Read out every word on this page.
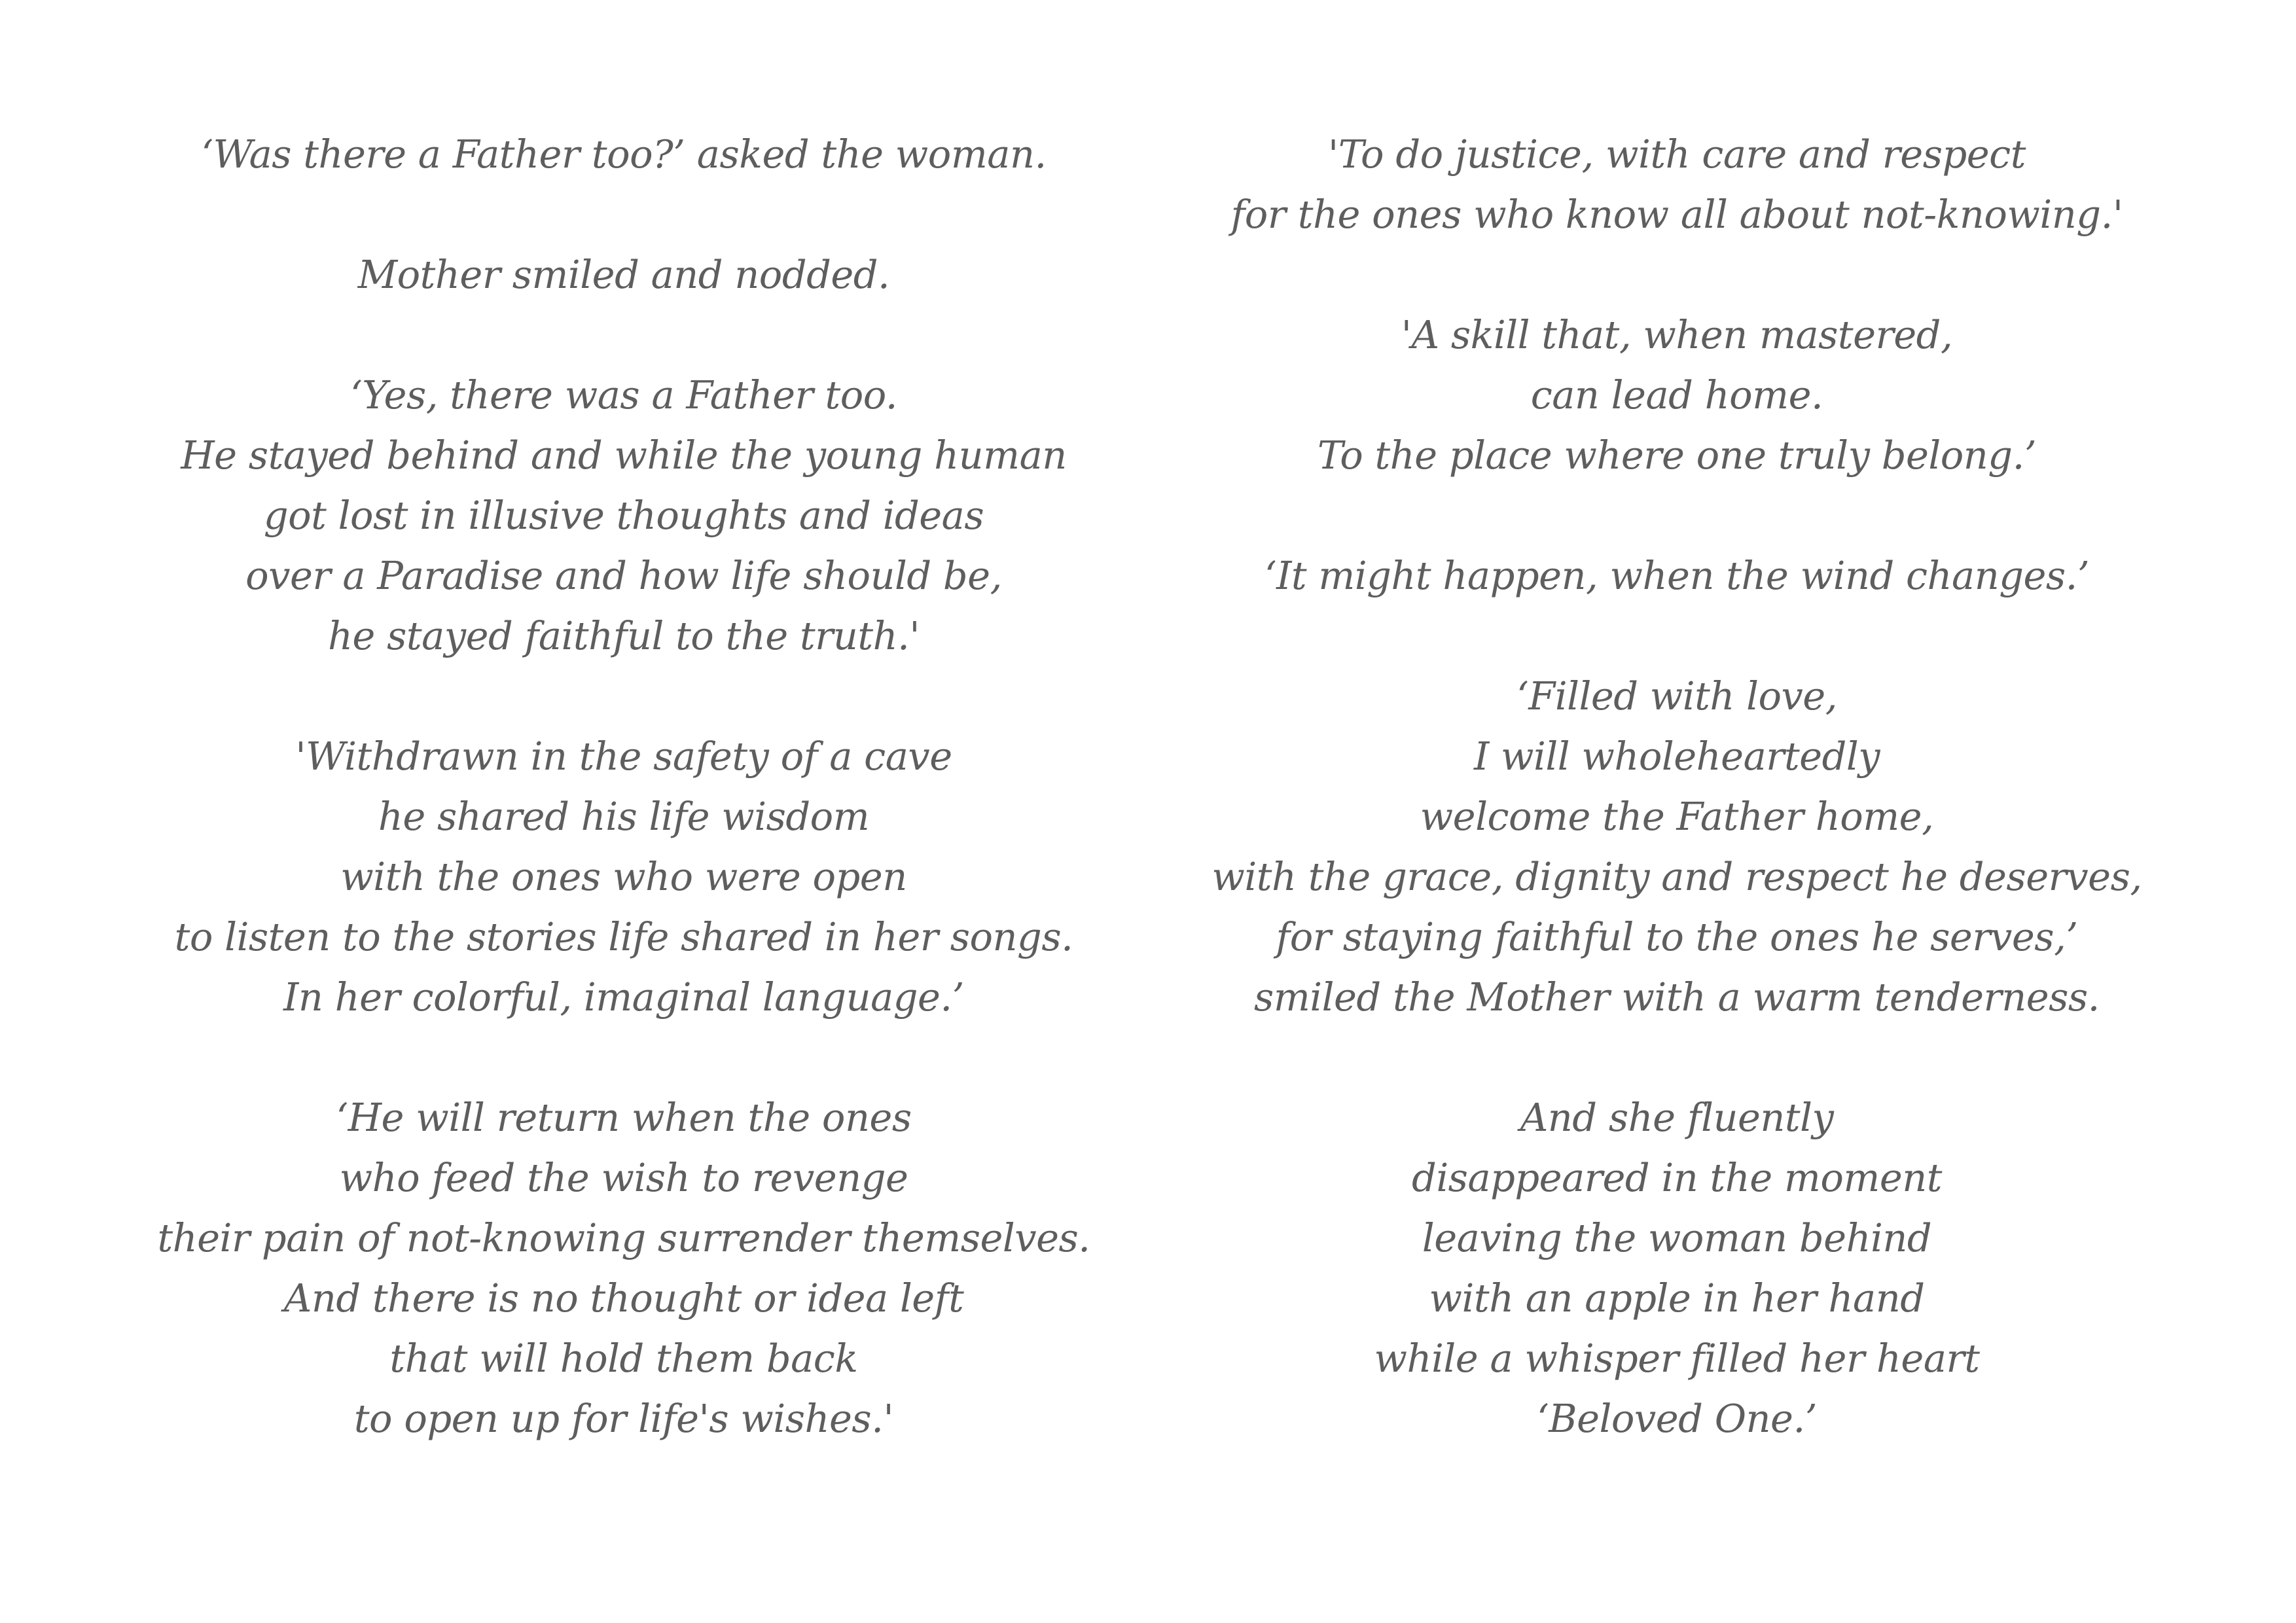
‘Was there a Father too?’ asked the woman.
Mother smiled and nodded.
‘Yes, there was a Father too.
He stayed behind and while the young human
got lost in illusive thoughts and ideas
over a Paradise and how life should be,
he stayed faithful to the truth.'
'Withdrawn in the safety of a cave
he shared his life wisdom
with the ones who were open
to listen to the stories life shared in her songs.
In her colorful, imaginal language.’
‘He will return when the ones
who feed the wish to revenge
their pain of not-knowing surrender themselves.
And there is no thought or idea left
that will hold them back
to open up for life's wishes.'
'To do justice, with care and respect
for the ones who know all about not-knowing.'
'A skill that, when mastered,
can lead home.
To the place where one truly belong.’
‘It might happen, when the wind changes.’
‘Filled with love,
I will wholeheartedly
welcome the Father home,
with the grace, dignity and respect he deserves,
for staying faithful to the ones he serves,’
smiled the Mother with a warm tenderness.
And she fluently
disappeared in the moment
leaving the woman behind
with an apple in her hand
while a whisper filled her heart
‘Beloved One.’
